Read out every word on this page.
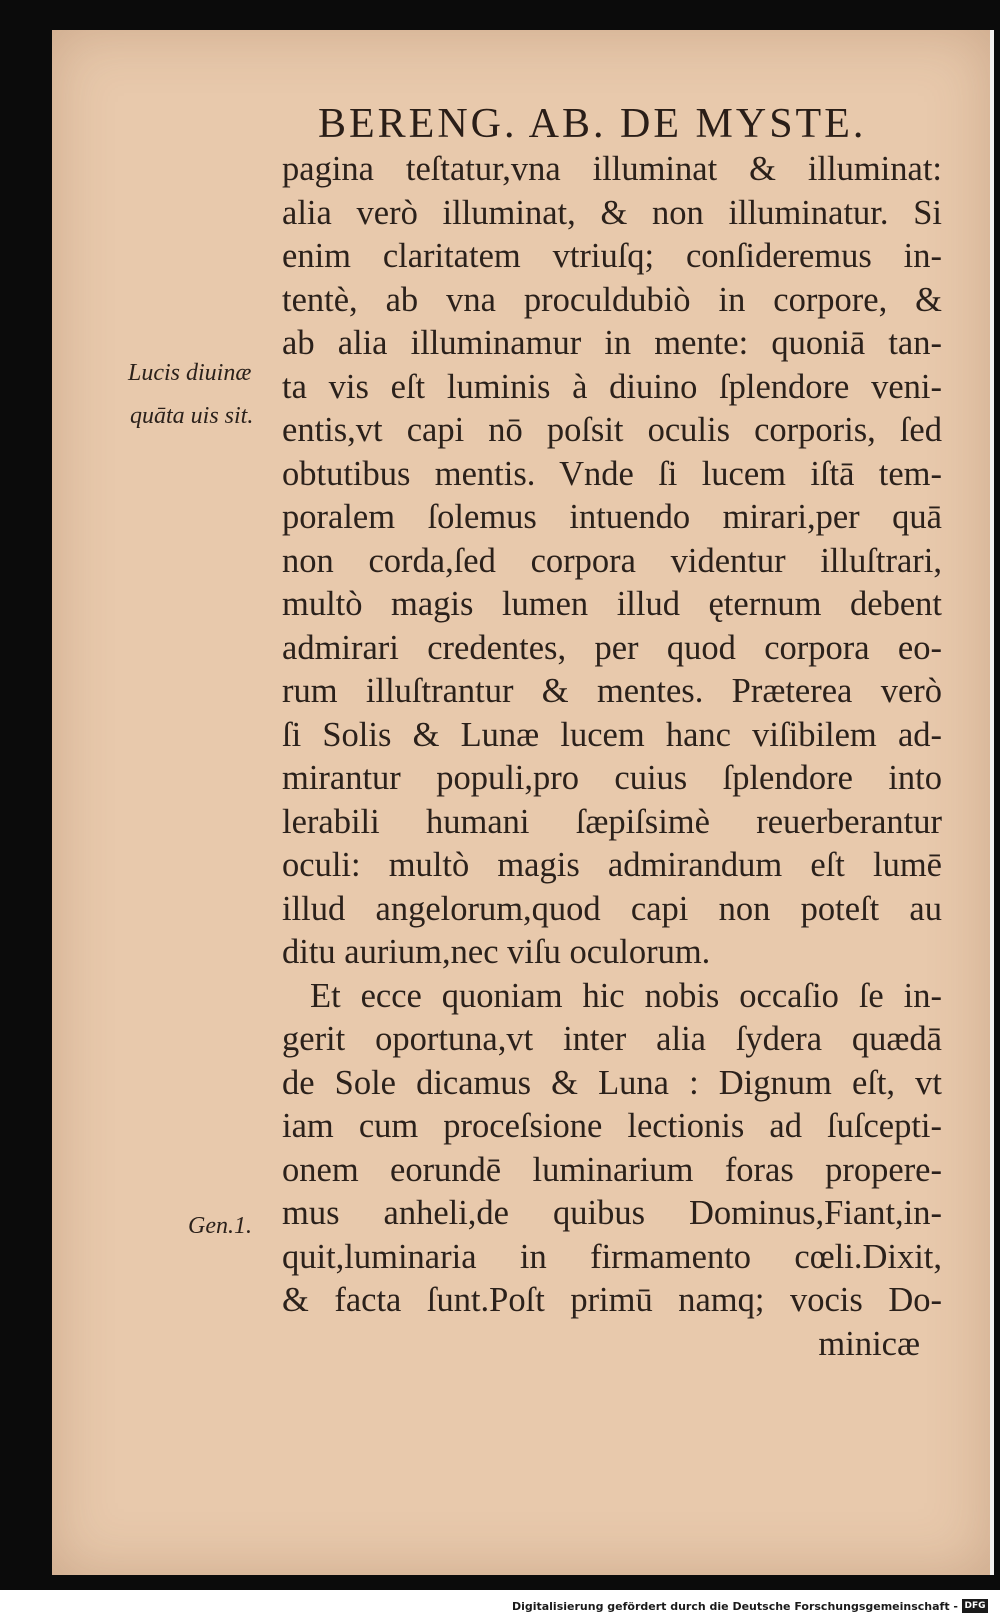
BERENG. AB. DE MYSTE.
Lucis diuinæ
quāta uis sit.
Gen.1.
pagina teſtatur,vna illuminat & illuminat:
alia verò illuminat, & non illuminatur. Si
enim claritatem vtriuſq; conſideremus in-
tentè, ab vna proculdubiò in corpore, &
ab alia illuminamur in mente: quoniā tan-
ta vis eſt luminis à diuino ſplendore veni-
entis,vt capi nō poſsit oculis corporis, ſed
obtutibus mentis. Vnde ſi lucem iſtā tem-
poralem ſolemus intuendo mirari,per quā
non corda,ſed corpora videntur illuſtrari,
multò magis lumen illud ęternum debent
admirari credentes, per quod corpora eo-
rum illuſtrantur & mentes. Præterea verò
ſi Solis & Lunæ lucem hanc viſibilem ad-
mirantur populi,pro cuius ſplendore into
lerabili humani ſæpiſsimè reuerberantur
oculi: multò magis admirandum eſt lumē
illud angelorum,quod capi non poteſt au
ditu aurium,nec viſu oculorum.
Et ecce quoniam hic nobis occaſio ſe in-
gerit oportuna,vt inter alia ſydera quædā
de Sole dicamus & Luna : Dignum eſt, vt
iam cum proceſsione lectionis ad ſuſcepti-
onem eorundē luminarium foras propere-
mus anheli,de quibus Dominus,Fiant,in-
quit,luminaria in firmamento cœli.Dixit,
& facta ſunt.Poſt primū namq; vocis Do-
minicæ
Digitalisierung gefördert durch die Deutsche Forschungsgemeinschaft - DFG
